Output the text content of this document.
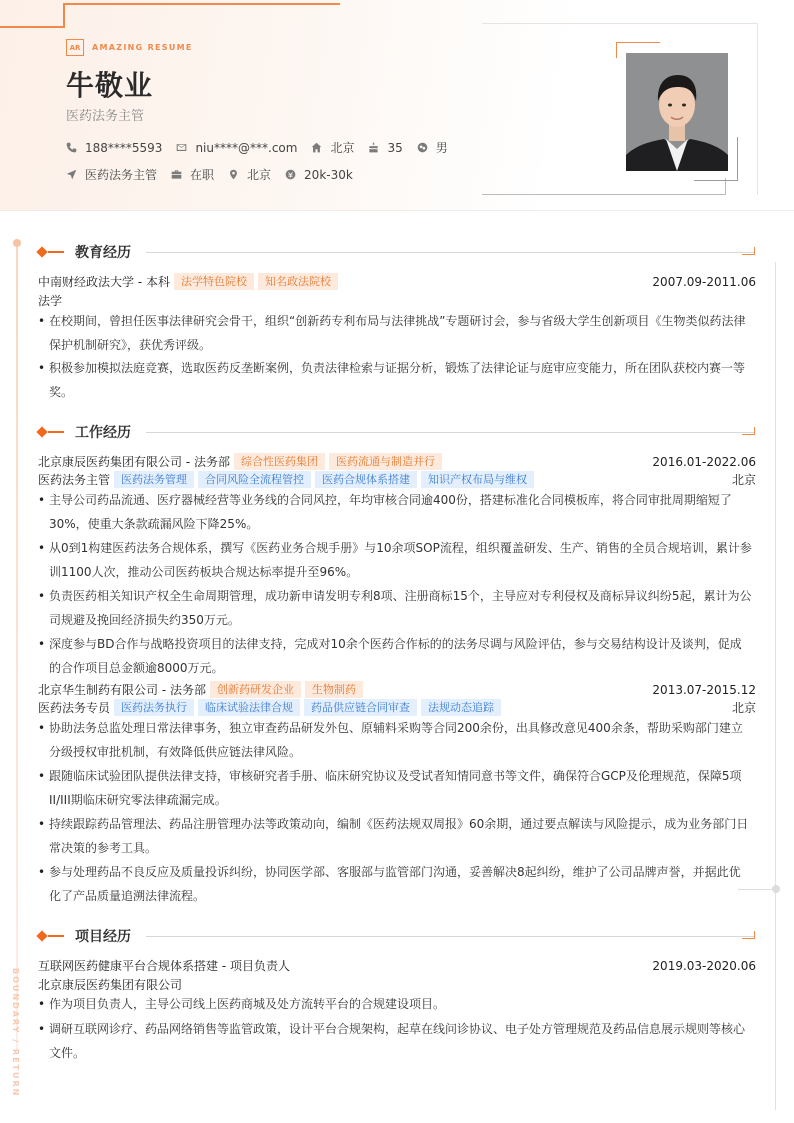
AR	AMAZING RESUME
牛敬业
医药法务主管
188****5593	niu****@***.com	北京	35	男
医药法务主管	在职	北京	20k-30k
BOUNDARY / RETURN
教育经历
中南财经政法大学 - 本科	法学特色院校	知名政法院校	2007.09-2011.06
法学
• 在校期间，曾担任医事法律研究会骨干，组织“创新药专利布局与法律挑战”专题研讨会，参与省级大学生创新项目《生物类似药法律保护机制研究》，获优秀评级。
• 积极参加模拟法庭竞赛，选取医药反垄断案例，负责法律检索与证据分析，锻炼了法律论证与庭审应变能力，所在团队获校内赛一等奖。
工作经历
北京康辰医药集团有限公司 - 法务部	综合性医药集团	医药流通与制造并行	2016.01-2022.06
医药法务主管	医药法务管理	合同风险全流程管控	医药合规体系搭建	知识产权布局与维权	北京
• 主导公司药品流通、医疗器械经营等业务线的合同风控，年均审核合同逾400份，搭建标准化合同模板库，将合同审批周期缩短了30%，使重大条款疏漏风险下降25%。
• 从0到1构建医药法务合规体系，撰写《医药业务合规手册》与10余项SOP流程，组织覆盖研发、生产、销售的全员合规培训，累计参训1100人次，推动公司医药板块合规达标率提升至96%。
• 负责医药相关知识产权全生命周期管理，成功新申请发明专利8项、注册商标15个，主导应对专利侵权及商标异议纠纷5起，累计为公司规避及挽回经济损失约350万元。
• 深度参与BD合作与战略投资项目的法律支持，完成对10余个医药合作标的的法务尽调与风险评估，参与交易结构设计及谈判，促成的合作项目总金额逾8000万元。
北京华生制药有限公司 - 法务部	创新药研发企业	生物制药	2013.07-2015.12
医药法务专员	医药法务执行	临床试验法律合规	药品供应链合同审查	法规动态追踪	北京
• 协助法务总监处理日常法律事务，独立审查药品研发外包、原辅料采购等合同200余份，出具修改意见400余条，帮助采购部门建立分级授权审批机制，有效降低供应链法律风险。
• 跟随临床试验团队提供法律支持，审核研究者手册、临床研究协议及受试者知情同意书等文件，确保符合GCP及伦理规范，保障5项II/III期临床研究零法律疏漏完成。
• 持续跟踪药品管理法、药品注册管理办法等政策动向，编制《医药法规双周报》60余期，通过要点解读与风险提示，成为业务部门日常决策的参考工具。
• 参与处理药品不良反应及质量投诉纠纷，协同医学部、客服部与监管部门沟通，妥善解决8起纠纷，维护了公司品牌声誉，并据此优化了产品质量追溯法律流程。
项目经历
互联网医药健康平台合规体系搭建 - 项目负责人	2019.03-2020.06
北京康辰医药集团有限公司
• 作为项目负责人，主导公司线上医药商城及处方流转平台的合规建设项目。
• 调研互联网诊疗、药品网络销售等监管政策，设计平台合规架构，起草在线问诊协议、电子处方管理规范及药品信息展示规则等核心文件。
